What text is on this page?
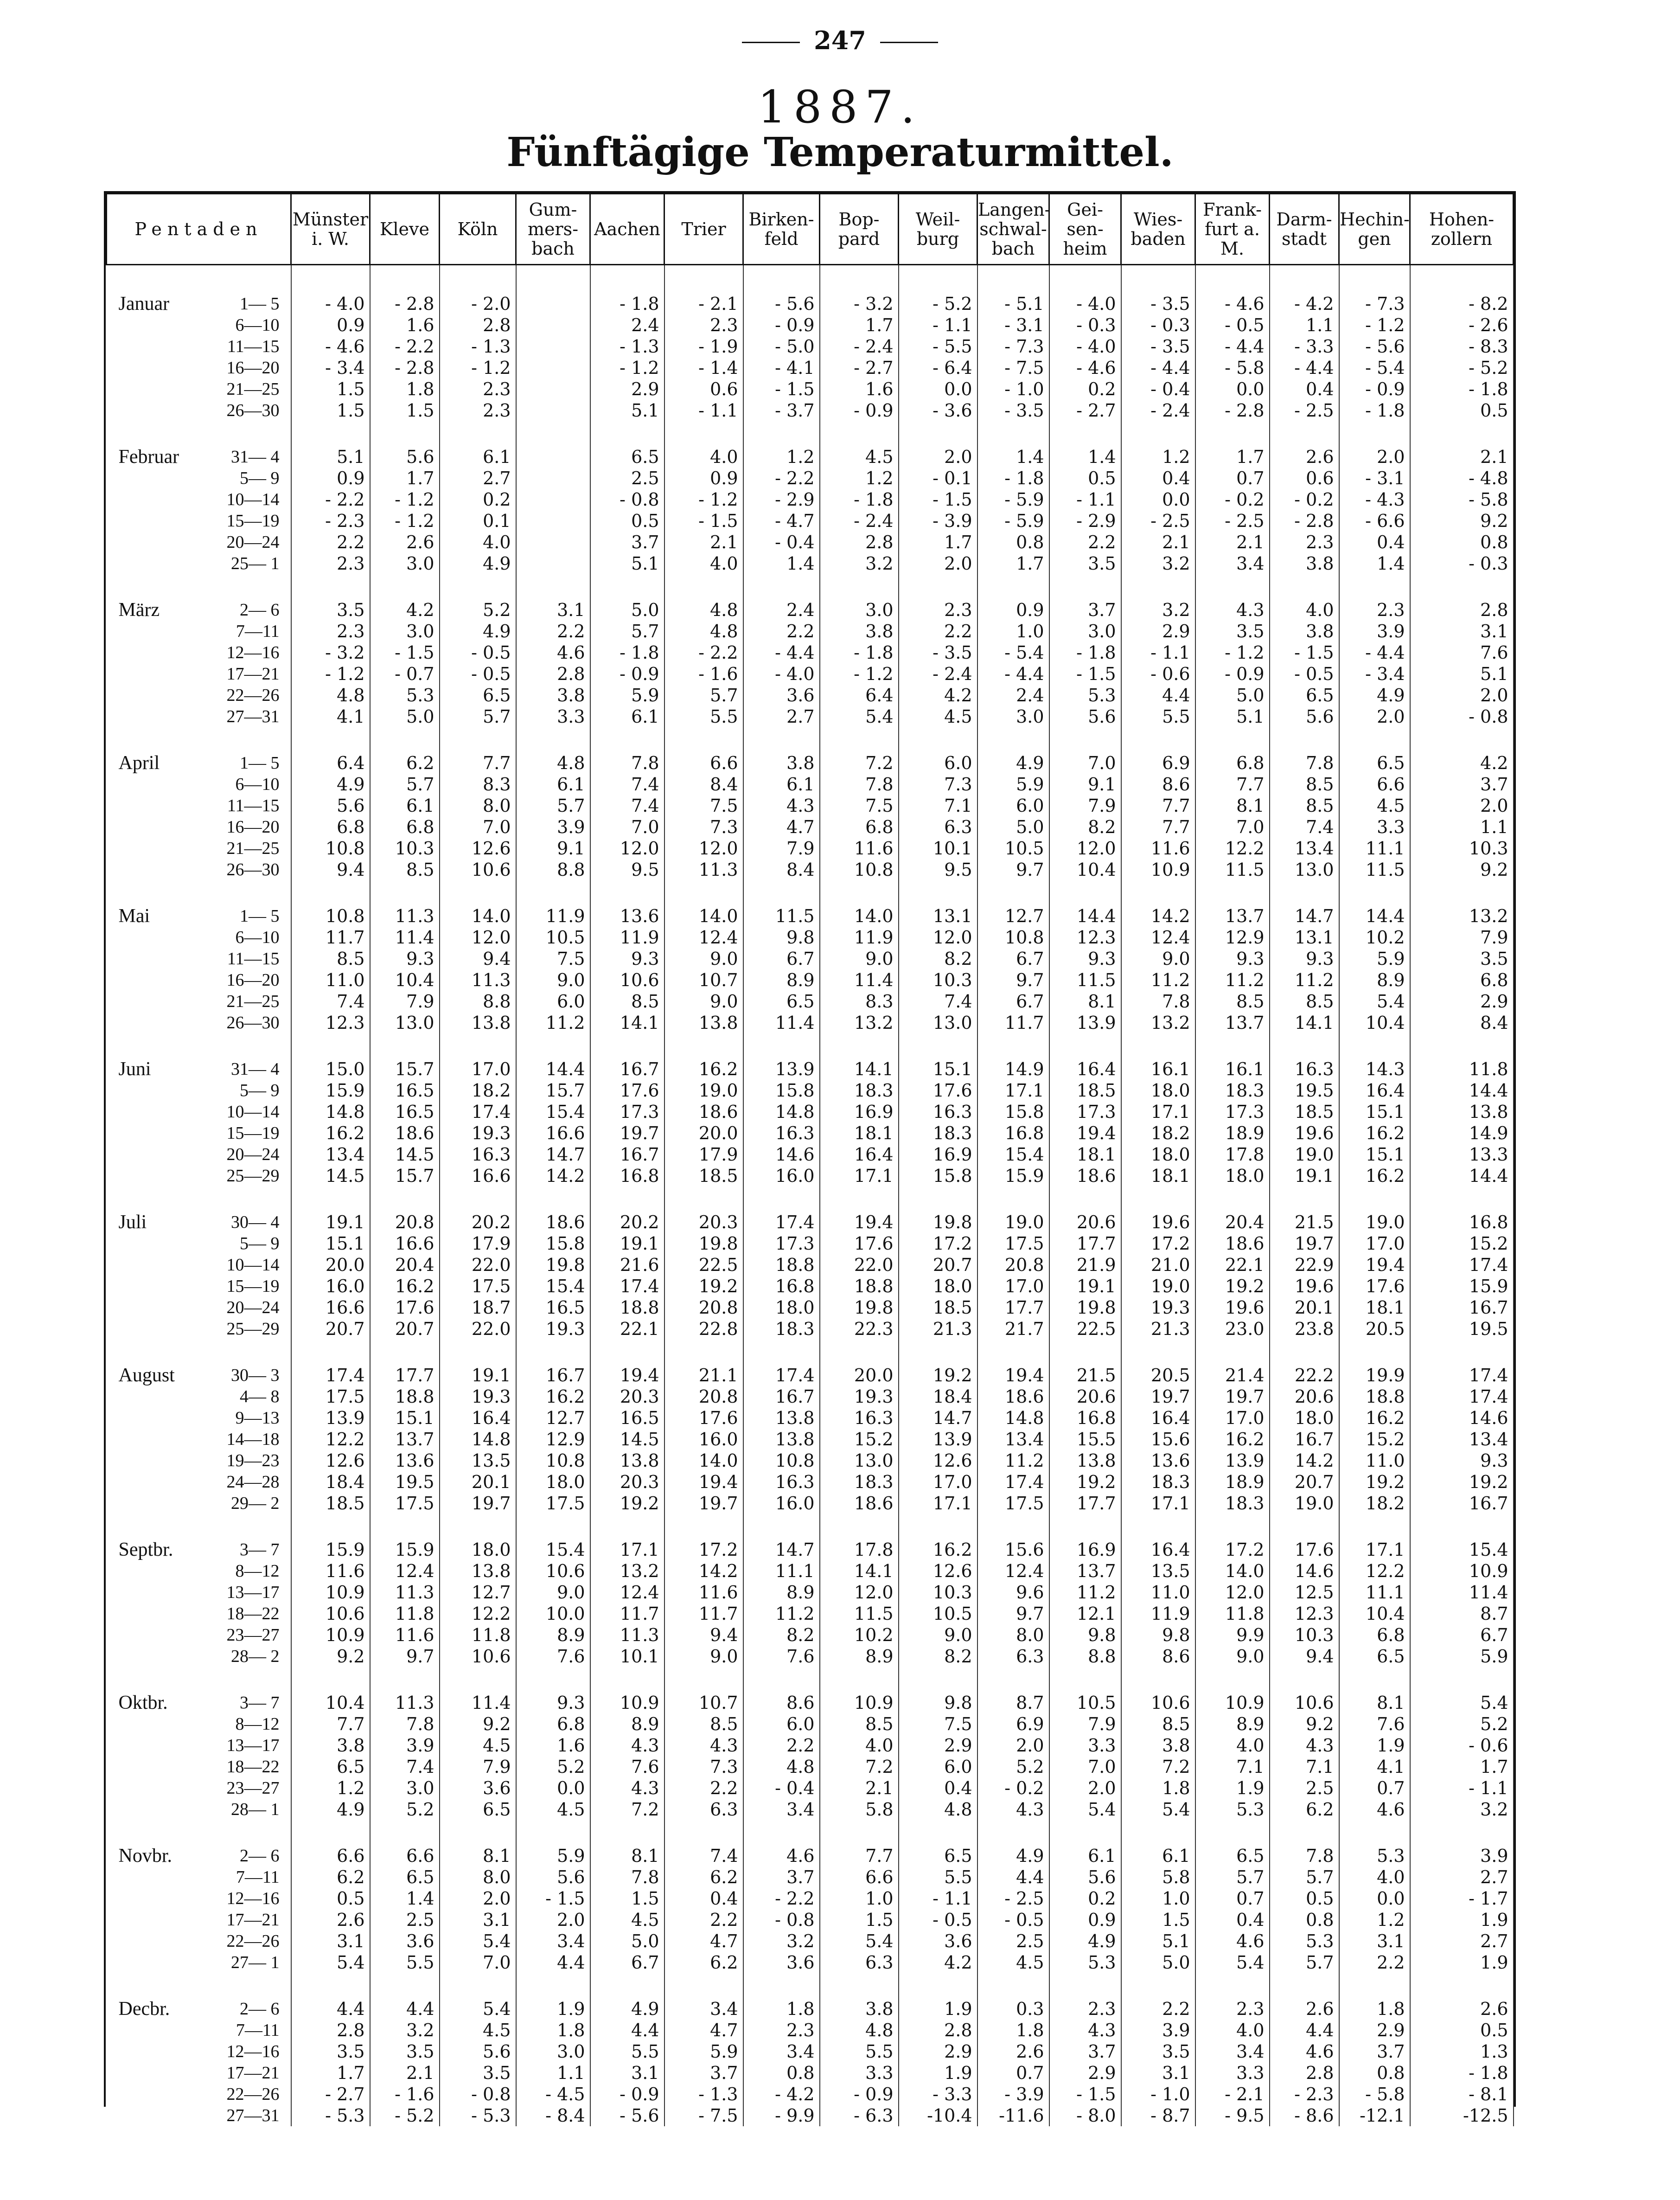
247
1887.
Fünftägige Temperaturmittel.
Pentaden		Münster i. W.	Kleve	Köln	Gum-mers-bach	Aachen	Trier	Birken-feld	Bop-pard	Weil-burg	Langen-schwal-bach	Gei-sen-heim	Wies-baden	Frank-furt a. M.	Darm-stadt	Hechin-gen	Hohen-zollern

Januar	1— 5	- 4.0	- 2.8	- 2.0		- 1.8	- 2.1	- 5.6	- 3.2	- 5.2	- 5.1	- 4.0	- 3.5	- 4.6	- 4.2	- 7.3	- 8.2
	6—10	0.9	1.6	2.8		2.4	2.3	- 0.9	1.7	- 1.1	- 3.1	- 0.3	- 0.3	- 0.5	1.1	- 1.2	- 2.6
	11—15	- 4.6	- 2.2	- 1.3		- 1.3	- 1.9	- 5.0	- 2.4	- 5.5	- 7.3	- 4.0	- 3.5	- 4.4	- 3.3	- 5.6	- 8.3
	16—20	- 3.4	- 2.8	- 1.2		- 1.2	- 1.4	- 4.1	- 2.7	- 6.4	- 7.5	- 4.6	- 4.4	- 5.8	- 4.4	- 5.4	- 5.2
	21—25	1.5	1.8	2.3		2.9	0.6	- 1.5	1.6	0.0	- 1.0	0.2	- 0.4	0.0	0.4	- 0.9	- 1.8
	26—30	1.5	1.5	2.3		5.1	- 1.1	- 3.7	- 0.9	- 3.6	- 3.5	- 2.7	- 2.4	- 2.8	- 2.5	- 1.8	0.5

Februar	31— 4	5.1	5.6	6.1		6.5	4.0	1.2	4.5	2.0	1.4	1.4	1.2	1.7	2.6	2.0	2.1
	5— 9	0.9	1.7	2.7		2.5	0.9	- 2.2	1.2	- 0.1	- 1.8	0.5	0.4	0.7	0.6	- 3.1	- 4.8
	10—14	- 2.2	- 1.2	0.2		- 0.8	- 1.2	- 2.9	- 1.8	- 1.5	- 5.9	- 1.1	0.0	- 0.2	- 0.2	- 4.3	- 5.8
	15—19	- 2.3	- 1.2	0.1		0.5	- 1.5	- 4.7	- 2.4	- 3.9	- 5.9	- 2.9	- 2.5	- 2.5	- 2.8	- 6.6	9.2
	20—24	2.2	2.6	4.0		3.7	2.1	- 0.4	2.8	1.7	0.8	2.2	2.1	2.1	2.3	0.4	0.8
	25— 1	2.3	3.0	4.9		5.1	4.0	1.4	3.2	2.0	1.7	3.5	3.2	3.4	3.8	1.4	- 0.3

März	2— 6	3.5	4.2	5.2	3.1	5.0	4.8	2.4	3.0	2.3	0.9	3.7	3.2	4.3	4.0	2.3	2.8
	7—11	2.3	3.0	4.9	2.2	5.7	4.8	2.2	3.8	2.2	1.0	3.0	2.9	3.5	3.8	3.9	3.1
	12—16	- 3.2	- 1.5	- 0.5	4.6	- 1.8	- 2.2	- 4.4	- 1.8	- 3.5	- 5.4	- 1.8	- 1.1	- 1.2	- 1.5	- 4.4	7.6
	17—21	- 1.2	- 0.7	- 0.5	2.8	- 0.9	- 1.6	- 4.0	- 1.2	- 2.4	- 4.4	- 1.5	- 0.6	- 0.9	- 0.5	- 3.4	5.1
	22—26	4.8	5.3	6.5	3.8	5.9	5.7	3.6	6.4	4.2	2.4	5.3	4.4	5.0	6.5	4.9	2.0
	27—31	4.1	5.0	5.7	3.3	6.1	5.5	2.7	5.4	4.5	3.0	5.6	5.5	5.1	5.6	2.0	- 0.8

April	1— 5	6.4	6.2	7.7	4.8	7.8	6.6	3.8	7.2	6.0	4.9	7.0	6.9	6.8	7.8	6.5	4.2
	6—10	4.9	5.7	8.3	6.1	7.4	8.4	6.1	7.8	7.3	5.9	9.1	8.6	7.7	8.5	6.6	3.7
	11—15	5.6	6.1	8.0	5.7	7.4	7.5	4.3	7.5	7.1	6.0	7.9	7.7	8.1	8.5	4.5	2.0
	16—20	6.8	6.8	7.0	3.9	7.0	7.3	4.7	6.8	6.3	5.0	8.2	7.7	7.0	7.4	3.3	1.1
	21—25	10.8	10.3	12.6	9.1	12.0	12.0	7.9	11.6	10.1	10.5	12.0	11.6	12.2	13.4	11.1	10.3
	26—30	9.4	8.5	10.6	8.8	9.5	11.3	8.4	10.8	9.5	9.7	10.4	10.9	11.5	13.0	11.5	9.2

Mai	1— 5	10.8	11.3	14.0	11.9	13.6	14.0	11.5	14.0	13.1	12.7	14.4	14.2	13.7	14.7	14.4	13.2
	6—10	11.7	11.4	12.0	10.5	11.9	12.4	9.8	11.9	12.0	10.8	12.3	12.4	12.9	13.1	10.2	7.9
	11—15	8.5	9.3	9.4	7.5	9.3	9.0	6.7	9.0	8.2	6.7	9.3	9.0	9.3	9.3	5.9	3.5
	16—20	11.0	10.4	11.3	9.0	10.6	10.7	8.9	11.4	10.3	9.7	11.5	11.2	11.2	11.2	8.9	6.8
	21—25	7.4	7.9	8.8	6.0	8.5	9.0	6.5	8.3	7.4	6.7	8.1	7.8	8.5	8.5	5.4	2.9
	26—30	12.3	13.0	13.8	11.2	14.1	13.8	11.4	13.2	13.0	11.7	13.9	13.2	13.7	14.1	10.4	8.4

Juni	31— 4	15.0	15.7	17.0	14.4	16.7	16.2	13.9	14.1	15.1	14.9	16.4	16.1	16.1	16.3	14.3	11.8
	5— 9	15.9	16.5	18.2	15.7	17.6	19.0	15.8	18.3	17.6	17.1	18.5	18.0	18.3	19.5	16.4	14.4
	10—14	14.8	16.5	17.4	15.4	17.3	18.6	14.8	16.9	16.3	15.8	17.3	17.1	17.3	18.5	15.1	13.8
	15—19	16.2	18.6	19.3	16.6	19.7	20.0	16.3	18.1	18.3	16.8	19.4	18.2	18.9	19.6	16.2	14.9
	20—24	13.4	14.5	16.3	14.7	16.7	17.9	14.6	16.4	16.9	15.4	18.1	18.0	17.8	19.0	15.1	13.3
	25—29	14.5	15.7	16.6	14.2	16.8	18.5	16.0	17.1	15.8	15.9	18.6	18.1	18.0	19.1	16.2	14.4

Juli	30— 4	19.1	20.8	20.2	18.6	20.2	20.3	17.4	19.4	19.8	19.0	20.6	19.6	20.4	21.5	19.0	16.8
	5— 9	15.1	16.6	17.9	15.8	19.1	19.8	17.3	17.6	17.2	17.5	17.7	17.2	18.6	19.7	17.0	15.2
	10—14	20.0	20.4	22.0	19.8	21.6	22.5	18.8	22.0	20.7	20.8	21.9	21.0	22.1	22.9	19.4	17.4
	15—19	16.0	16.2	17.5	15.4	17.4	19.2	16.8	18.8	18.0	17.0	19.1	19.0	19.2	19.6	17.6	15.9
	20—24	16.6	17.6	18.7	16.5	18.8	20.8	18.0	19.8	18.5	17.7	19.8	19.3	19.6	20.1	18.1	16.7
	25—29	20.7	20.7	22.0	19.3	22.1	22.8	18.3	22.3	21.3	21.7	22.5	21.3	23.0	23.8	20.5	19.5

August	30— 3	17.4	17.7	19.1	16.7	19.4	21.1	17.4	20.0	19.2	19.4	21.5	20.5	21.4	22.2	19.9	17.4
	4— 8	17.5	18.8	19.3	16.2	20.3	20.8	16.7	19.3	18.4	18.6	20.6	19.7	19.7	20.6	18.8	17.4
	9—13	13.9	15.1	16.4	12.7	16.5	17.6	13.8	16.3	14.7	14.8	16.8	16.4	17.0	18.0	16.2	14.6
	14—18	12.2	13.7	14.8	12.9	14.5	16.0	13.8	15.2	13.9	13.4	15.5	15.6	16.2	16.7	15.2	13.4
	19—23	12.6	13.6	13.5	10.8	13.8	14.0	10.8	13.0	12.6	11.2	13.8	13.6	13.9	14.2	11.0	9.3
	24—28	18.4	19.5	20.1	18.0	20.3	19.4	16.3	18.3	17.0	17.4	19.2	18.3	18.9	20.7	19.2	19.2
	29— 2	18.5	17.5	19.7	17.5	19.2	19.7	16.0	18.6	17.1	17.5	17.7	17.1	18.3	19.0	18.2	16.7

Septbr.	3— 7	15.9	15.9	18.0	15.4	17.1	17.2	14.7	17.8	16.2	15.6	16.9	16.4	17.2	17.6	17.1	15.4
	8—12	11.6	12.4	13.8	10.6	13.2	14.2	11.1	14.1	12.6	12.4	13.7	13.5	14.0	14.6	12.2	10.9
	13—17	10.9	11.3	12.7	9.0	12.4	11.6	8.9	12.0	10.3	9.6	11.2	11.0	12.0	12.5	11.1	11.4
	18—22	10.6	11.8	12.2	10.0	11.7	11.7	11.2	11.5	10.5	9.7	12.1	11.9	11.8	12.3	10.4	8.7
	23—27	10.9	11.6	11.8	8.9	11.3	9.4	8.2	10.2	9.0	8.0	9.8	9.8	9.9	10.3	6.8	6.7
	28— 2	9.2	9.7	10.6	7.6	10.1	9.0	7.6	8.9	8.2	6.3	8.8	8.6	9.0	9.4	6.5	5.9

Oktbr.	3— 7	10.4	11.3	11.4	9.3	10.9	10.7	8.6	10.9	9.8	8.7	10.5	10.6	10.9	10.6	8.1	5.4
	8—12	7.7	7.8	9.2	6.8	8.9	8.5	6.0	8.5	7.5	6.9	7.9	8.5	8.9	9.2	7.6	5.2
	13—17	3.8	3.9	4.5	1.6	4.3	4.3	2.2	4.0	2.9	2.0	3.3	3.8	4.0	4.3	1.9	- 0.6
	18—22	6.5	7.4	7.9	5.2	7.6	7.3	4.8	7.2	6.0	5.2	7.0	7.2	7.1	7.1	4.1	1.7
	23—27	1.2	3.0	3.6	0.0	4.3	2.2	- 0.4	2.1	0.4	- 0.2	2.0	1.8	1.9	2.5	0.7	- 1.1
	28— 1	4.9	5.2	6.5	4.5	7.2	6.3	3.4	5.8	4.8	4.3	5.4	5.4	5.3	6.2	4.6	3.2

Novbr.	2— 6	6.6	6.6	8.1	5.9	8.1	7.4	4.6	7.7	6.5	4.9	6.1	6.1	6.5	7.8	5.3	3.9
	7—11	6.2	6.5	8.0	5.6	7.8	6.2	3.7	6.6	5.5	4.4	5.6	5.8	5.7	5.7	4.0	2.7
	12—16	0.5	1.4	2.0	- 1.5	1.5	0.4	- 2.2	1.0	- 1.1	- 2.5	0.2	1.0	0.7	0.5	0.0	- 1.7
	17—21	2.6	2.5	3.1	2.0	4.5	2.2	- 0.8	1.5	- 0.5	- 0.5	0.9	1.5	0.4	0.8	1.2	1.9
	22—26	3.1	3.6	5.4	3.4	5.0	4.7	3.2	5.4	3.6	2.5	4.9	5.1	4.6	5.3	3.1	2.7
	27— 1	5.4	5.5	7.0	4.4	6.7	6.2	3.6	6.3	4.2	4.5	5.3	5.0	5.4	5.7	2.2	1.9

Decbr.	2— 6	4.4	4.4	5.4	1.9	4.9	3.4	1.8	3.8	1.9	0.3	2.3	2.2	2.3	2.6	1.8	2.6
	7—11	2.8	3.2	4.5	1.8	4.4	4.7	2.3	4.8	2.8	1.8	4.3	3.9	4.0	4.4	2.9	0.5
	12—16	3.5	3.5	5.6	3.0	5.5	5.9	3.4	5.5	2.9	2.6	3.7	3.5	3.4	4.6	3.7	1.3
	17—21	1.7	2.1	3.5	1.1	3.1	3.7	0.8	3.3	1.9	0.7	2.9	3.1	3.3	2.8	0.8	- 1.8
	22—26	- 2.7	- 1.6	- 0.8	- 4.5	- 0.9	- 1.3	- 4.2	- 0.9	- 3.3	- 3.9	- 1.5	- 1.0	- 2.1	- 2.3	- 5.8	- 8.1
	27—31	- 5.3	- 5.2	- 5.3	- 8.4	- 5.6	- 7.5	- 9.9	- 6.3	-10.4	-11.6	- 8.0	- 8.7	- 9.5	- 8.6	-12.1	-12.5
